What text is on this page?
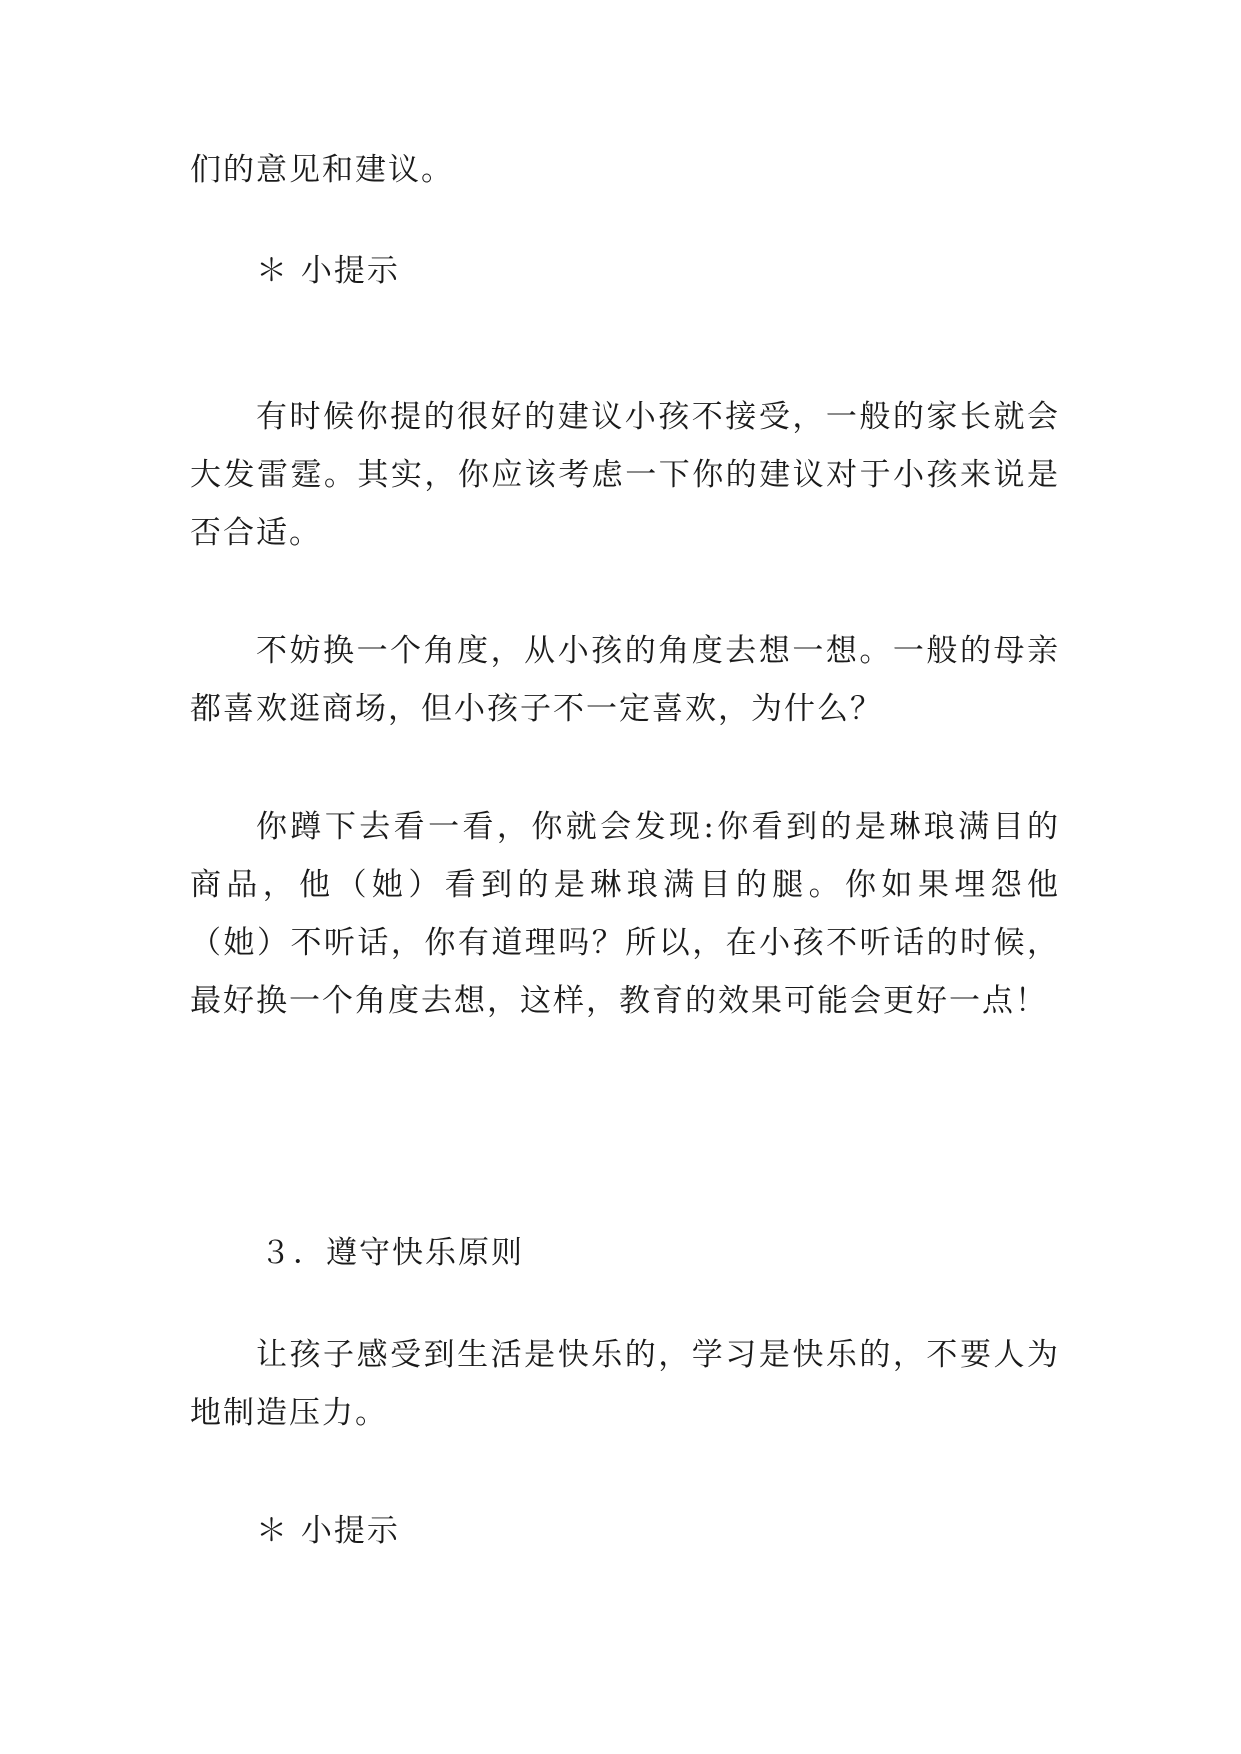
们的意见和建议。

＊ 小提示

有时候你提的很好的建议小孩不接受，一般的家长就会大发雷霆。其实，你应该考虑一下你的建议对于小孩来说是否合适。

不妨换一个角度，从小孩的角度去想一想。一般的母亲都喜欢逛商场，但小孩子不一定喜欢，为什么？

你蹲下去看一看，你就会发现:你看到的是琳琅满目的商品，他（她）看到的是琳琅满目的腿。你如果埋怨他（她）不听话，你有道理吗？所以，在小孩不听话的时候，最好换一个角度去想，这样，教育的效果可能会更好一点！

３．遵守快乐原则

让孩子感受到生活是快乐的，学习是快乐的，不要人为地制造压力。

＊ 小提示
